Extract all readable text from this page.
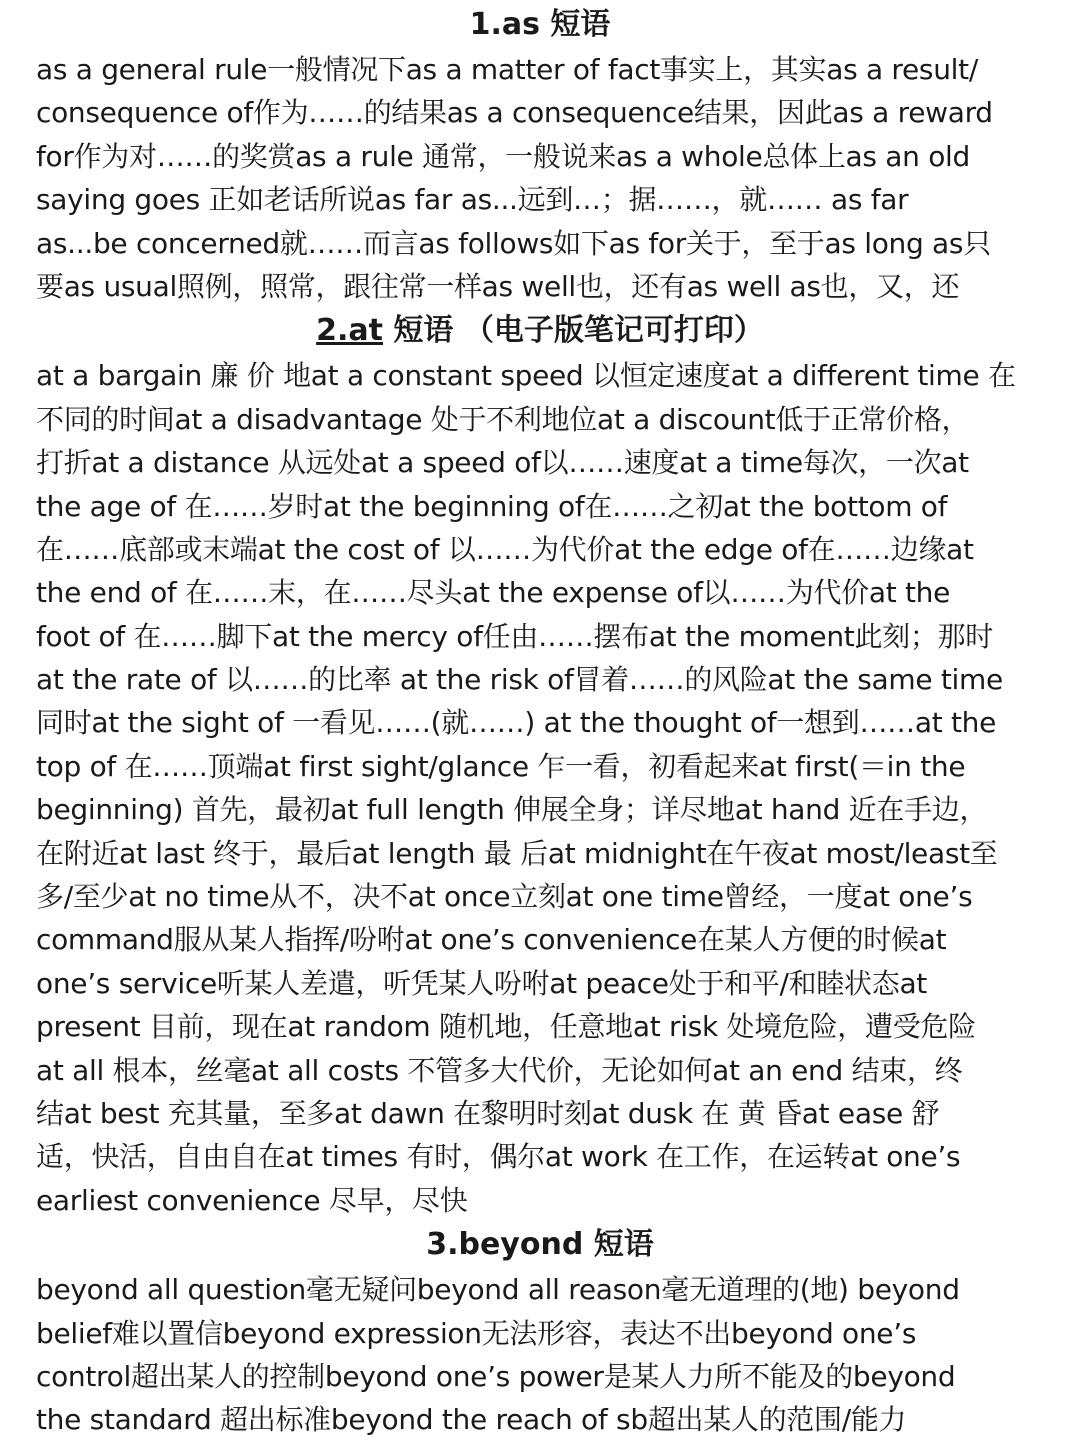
1.as 短语
as a general rule一般情况下as a matter of fact事实上，其实as a result/
consequence of作为……的结果as a consequence结果，因此as a reward
for作为对……的奖赏as a rule 通常，一般说来as a whole总体上as an old
saying goes 正如老话所说as far as...远到…；据……，就…… as far
as...be concerned就……而言as follows如下as for关于，至于as long as只
要as usual照例，照常，跟往常一样as well也，还有as well as也，又，还
2.at 短语 （电子版笔记可打印）
at a bargain 廉 价 地at a constant speed 以恒定速度at a different time 在
不同的时间at a disadvantage 处于不利地位at a discount低于正常价格，
打折at a distance 从远处at a speed of以……速度at a time每次，一次at
the age of 在……岁时at the beginning of在……之初at the bottom of
在……底部或末端at the cost of 以……为代价at the edge of在……边缘at
the end of 在……末，在……尽头at the expense of以……为代价at the
foot of 在……脚下at the mercy of任由……摆布at the moment此刻；那时
at the rate of 以……的比率 at the risk of冒着……的风险at the same time
同时at the sight of 一看见……(就……) at the thought of一想到……at the
top of 在……顶端at first sight/glance 乍一看，初看起来at first(＝in the
beginning) 首先，最初at full length 伸展全身；详尽地at hand 近在手边，
在附近at last 终于，最后at length 最 后at midnight在午夜at most/least至
多/至少at no time从不，决不at once立刻at one time曾经，一度at one’s
command服从某人指挥/吩咐at one’s convenience在某人方便的时候at
one’s service听某人差遣，听凭某人吩咐at peace处于和平/和睦状态at
present 目前，现在at random 随机地，任意地at risk 处境危险，遭受危险
at all 根本，丝毫at all costs 不管多大代价，无论如何at an end 结束，终
结at best 充其量，至多at dawn 在黎明时刻at dusk 在 黄 昏at ease 舒
适，快活，自由自在at times 有时，偶尔at work 在工作，在运转at one’s
earliest convenience 尽早，尽快
3.beyond 短语
beyond all question毫无疑问beyond all reason毫无道理的(地) beyond
belief难以置信beyond expression无法形容，表达不出beyond one’s
control超出某人的控制beyond one’s power是某人力所不能及的beyond
the standard 超出标准beyond the reach of sb超出某人的范围/能力
